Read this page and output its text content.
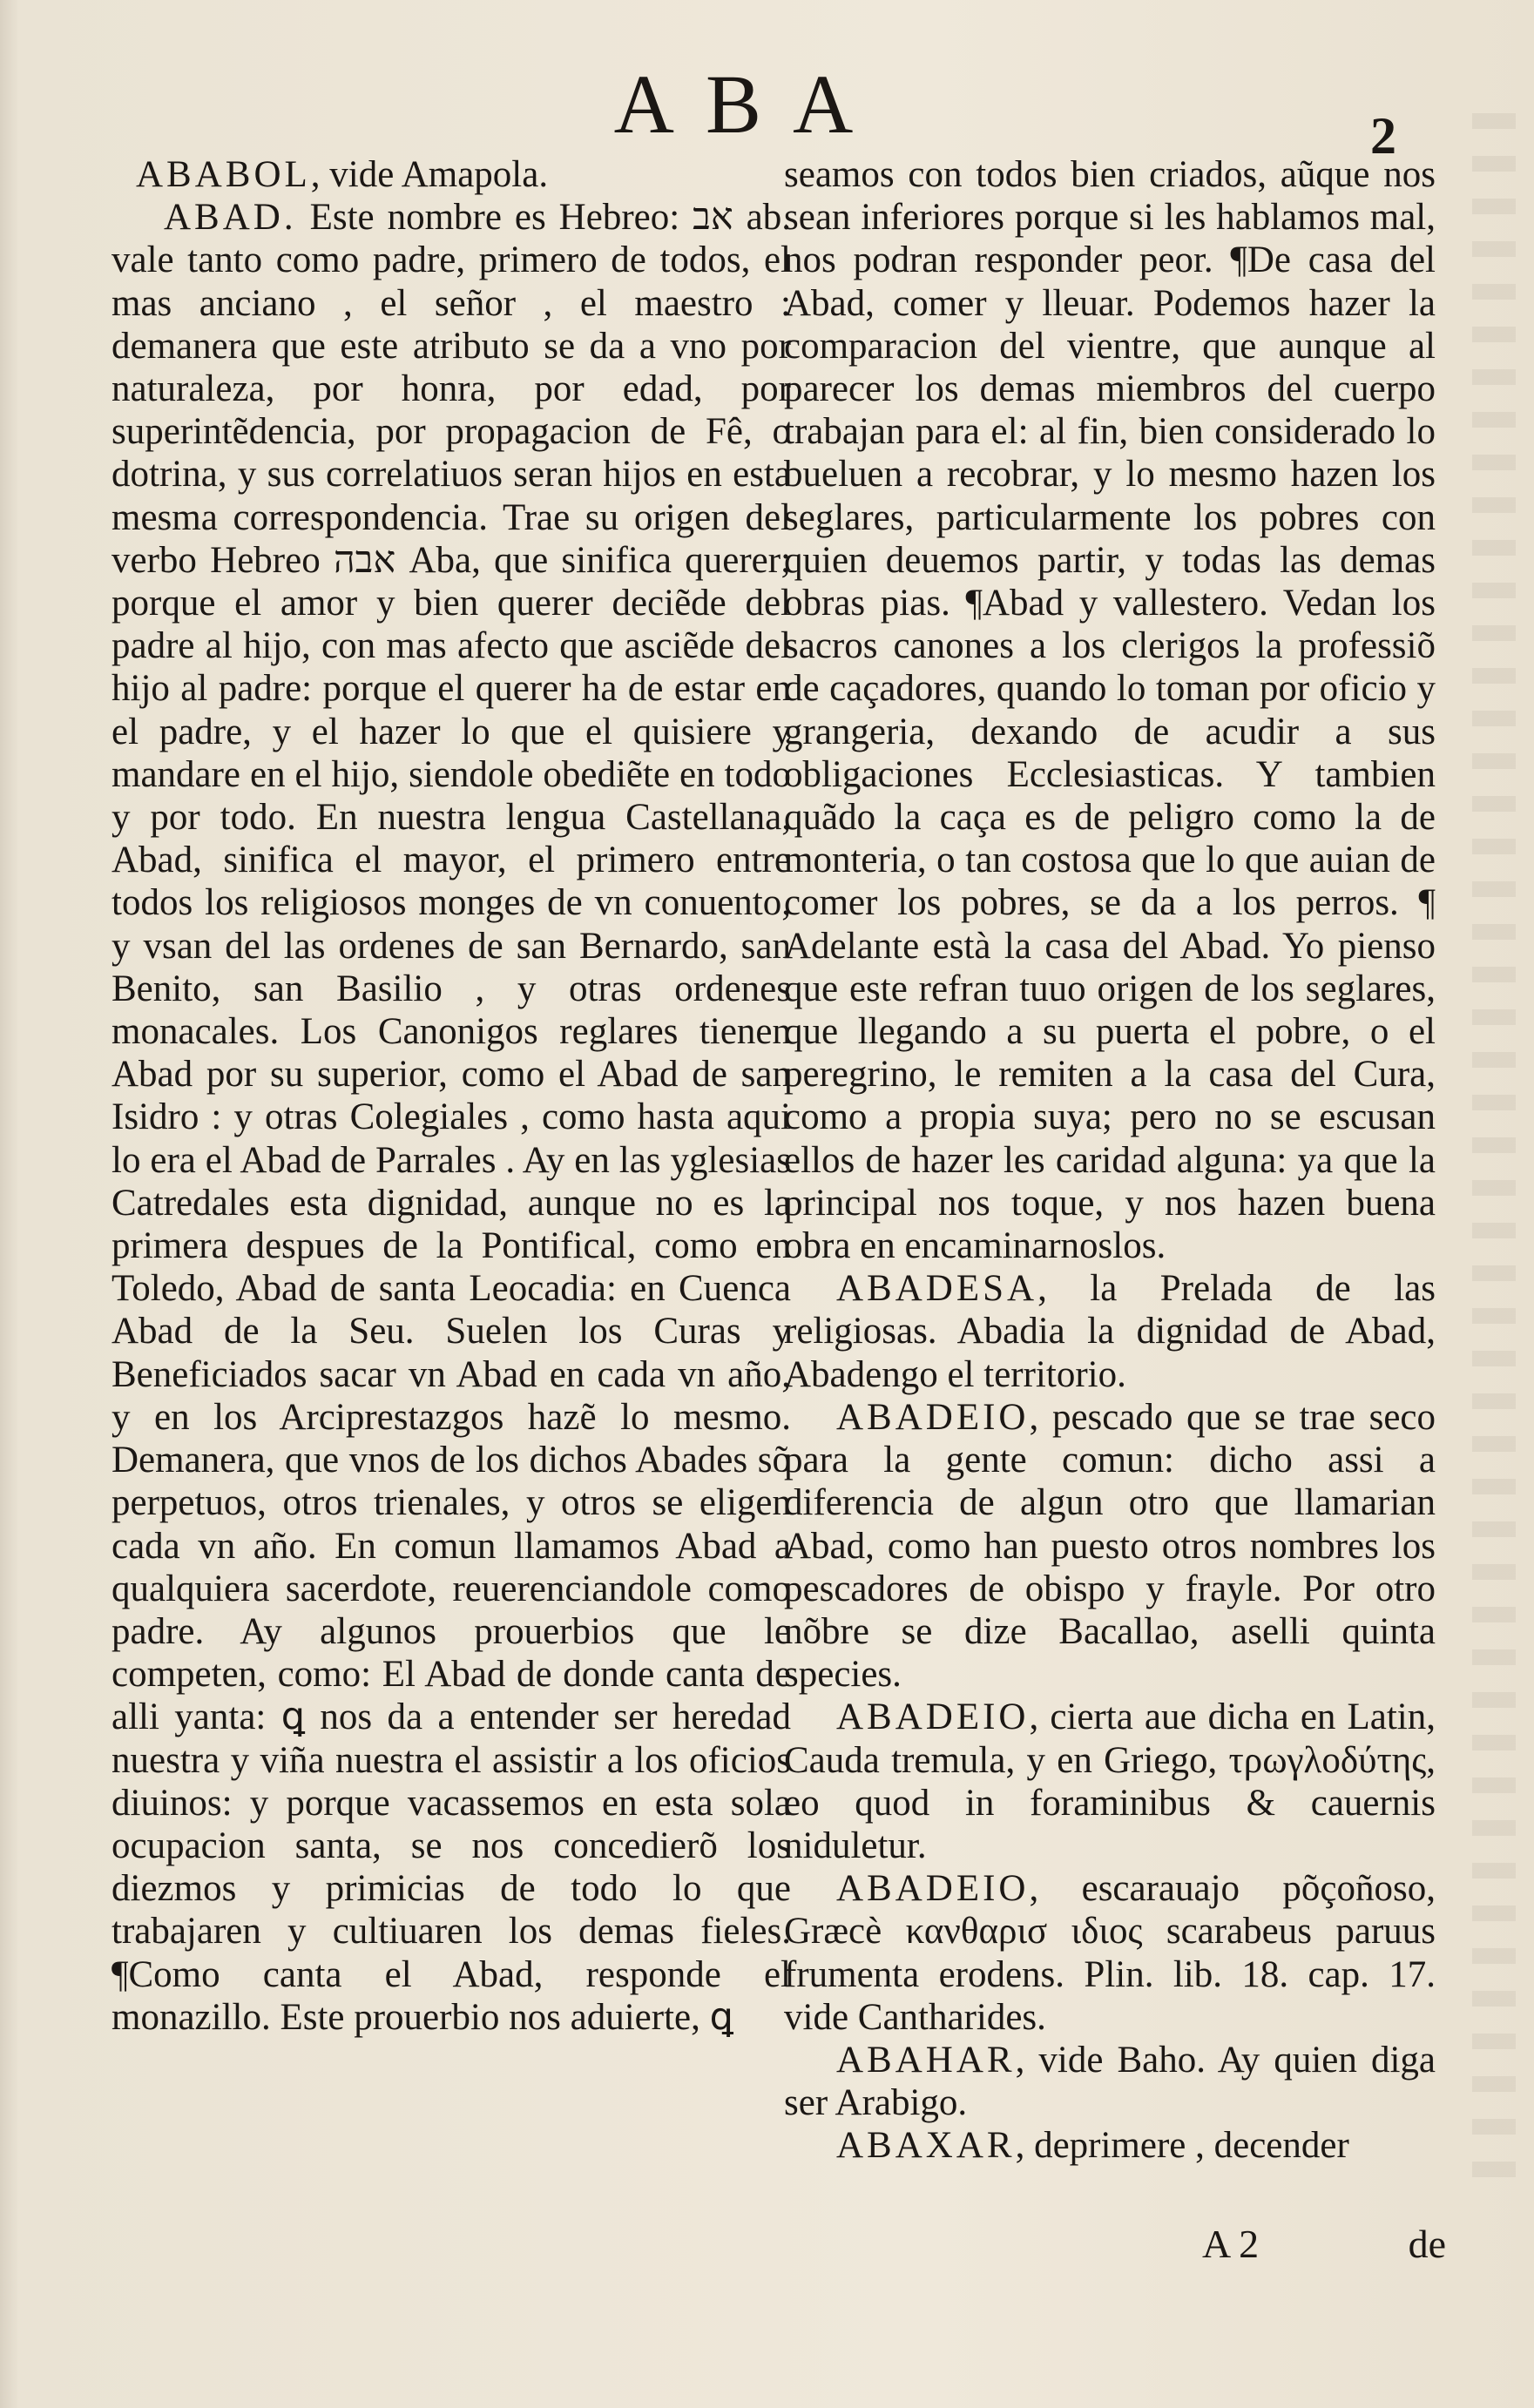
ABA	2

ABABOL, vide Amapola.

ABAD. Este nombre es Hebreo: אב ab. vale tanto como padre, primero de todos, el mas anciano , el señor , el maestro : demanera que este atributo se da a vno por naturaleza, por honra, por edad, por superintẽdencia, por propagacion de Fê, o dotrina, y sus correlatiuos seran hijos en esta mesma correspondencia. Trae su origen del verbo Hebreo אבה Aba, que sinifica querer; porque el amor y bien querer deciẽde del padre al hijo, con mas afecto que asciẽde del hijo al padre: porque el querer ha de estar en el padre, y el hazer lo que el quisiere y mandare en el hijo, siendole obediẽte en todo y por todo. En nuestra lengua Castellana, Abad, sinifica el mayor, el primero entre todos los religiosos monges de vn conuento, y vsan del las ordenes de san Bernardo, san Benito, san Basilio , y otras ordenes monacales. Los Canonigos reglares tienen Abad por su superior, como el Abad de san Isidro : y otras Colegiales , como hasta aqui lo era el Abad de Parrales . Ay en las yglesias Catredales esta dignidad, aunque no es la primera despues de la Pontifical, como en Toledo, Abad de santa Leocadia: en Cuenca Abad de la Seu. Suelen los Curas y Beneficiados sacar vn Abad en cada vn año, y en los Arciprestazgos hazẽ lo mesmo. Demanera, que vnos de los dichos Abades sõ perpetuos, otros trienales, y otros se eligen cada vn año. En comun llamamos Abad a qualquiera sacerdote, reuerenciandole como padre. Ay algunos prouerbios que le competen, como: El Abad de donde canta de alli yanta: ꝗ nos da a entender ser heredad nuestra y viña nuestra el assistir a los oficios diuinos: y porque vacassemos en esta sola ocupacion santa, se nos concedierõ los diezmos y primicias de todo lo que trabajaren y cultiuaren los demas fieles. ¶Como canta el Abad, responde el monazillo. Este prouerbio nos aduierte, ꝗ

seamos con todos bien criados, aũque nos sean inferiores porque si les hablamos mal, nos podran responder peor. ¶De casa del Abad, comer y lleuar. Podemos hazer la comparacion del vientre, que aunque al parecer los demas miembros del cuerpo trabajan para el: al fin, bien considerado lo bueluen a recobrar, y lo mesmo hazen los seglares, particularmente los pobres con quien deuemos partir, y todas las demas obras pias. ¶Abad y vallestero. Vedan los sacros canones a los clerigos la professiõ de caçadores, quando lo toman por oficio y grangeria, dexando de acudir a sus obligaciones Ecclesiasticas. Y tambien quãdo la caça es de peligro como la de monteria, o tan costosa que lo que auian de comer los pobres, se da a los perros. ¶ Adelante està la casa del Abad. Yo pienso que este refran tuuo origen de los seglares, que llegando a su puerta el pobre, o el peregrino, le remiten a la casa del Cura, como a propia suya; pero no se escusan ellos de hazer les caridad alguna: ya que la principal nos toque, y nos hazen buena obra en encaminarnoslos.

ABADESA, la Prelada de las religiosas. Abadia la dignidad de Abad, Abadengo el territorio.

ABADEIO, pescado que se trae seco para la gente comun: dicho assi a diferencia de algun otro que llamarian Abad, como han puesto otros nombres los pescadores de obispo y frayle. Por otro nõbre se dize Bacallao, aselli quinta species.

ABADEIO, cierta aue dicha en Latin, Cauda tremula, y en Griego, τρωγλοδύτης, eo quod in foraminibus & cauernis niduletur.

ABADEIO, escarauajo põçoñoso, Græcè κανθαρισ ιδιος scarabeus paruus frumenta erodens. Plin. lib. 18. cap. 17. vide Cantharides.

ABAHAR, vide Baho. Ay quien diga ser Arabigo.

ABAXAR, deprimere , decender

A 2	de
